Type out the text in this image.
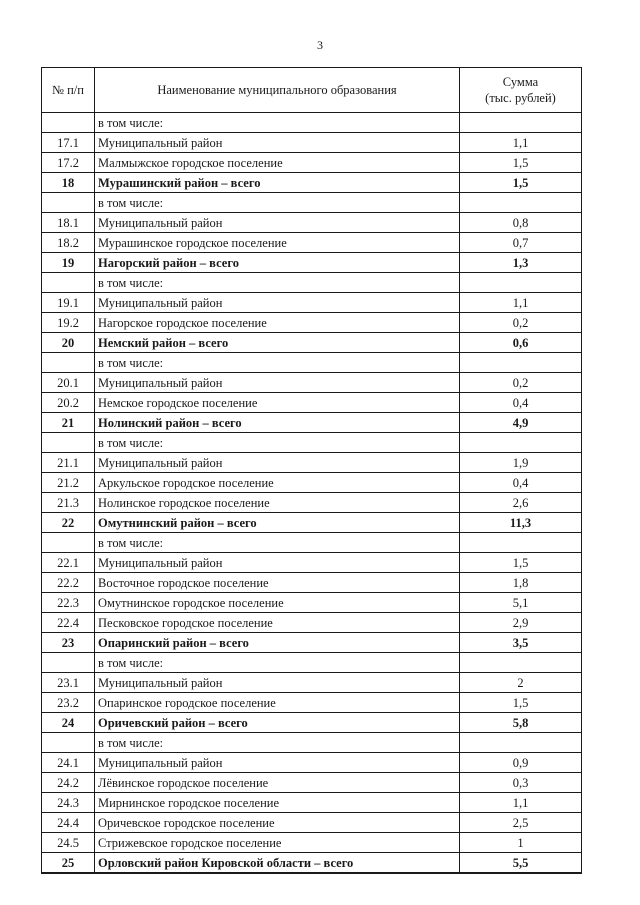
3
№ п/п	Наименование муниципального образования	Сумма
(тыс. рублей)

	в том числе:	
17.1	Муниципальный район	1,1
17.2	Малмыжское городское поселение	1,5
18	Мурашинский район – всего	1,5
	в том числе:	
18.1	Муниципальный район	0,8
18.2	Мурашинское городское поселение	0,7
19	Нагорский район – всего	1,3
	в том числе:	
19.1	Муниципальный район	1,1
19.2	Нагорское городское поселение	0,2
20	Немский район – всего	0,6
	в том числе:	
20.1	Муниципальный район	0,2
20.2	Немское городское поселение	0,4
21	Нолинский район – всего	4,9
	в том числе:	
21.1	Муниципальный район	1,9
21.2	Аркульское городское поселение	0,4
21.3	Нолинское городское поселение	2,6
22	Омутнинский район – всего	11,3
	в том числе:	
22.1	Муниципальный район	1,5
22.2	Восточное городское поселение	1,8
22.3	Омутнинское городское поселение	5,1
22.4	Песковское городское поселение	2,9
23	Опаринский район – всего	3,5
	в том числе:	
23.1	Муниципальный район	2
23.2	Опаринское городское поселение	1,5
24	Оричевский район – всего	5,8
	в том числе:	
24.1	Муниципальный район	0,9
24.2	Лёвинское городское поселение	0,3
24.3	Мирнинское городское поселение	1,1
24.4	Оричевское городское поселение	2,5
24.5	Стрижевское городское поселение	1
25	Орловский район Кировской области – всего	5,5
